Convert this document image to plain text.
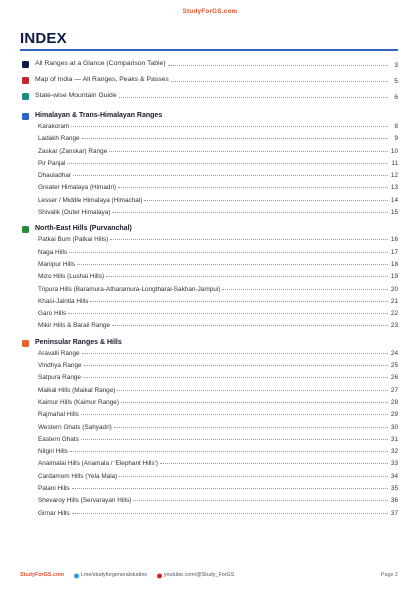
StudyForGS.com
INDEX
All Ranges at a Glance (Comparison Table)	3
Map of India — All Ranges, Peaks & Passes	5
State-wise Mountain Guide	6
Himalayan & Trans-Himalayan Ranges
Karakoram	8
Ladakh Range	9
Zaskar (Zanskar) Range	10
Pir Panjal	11
Dhauladhar	12
Greater Himalaya (Himadri)	13
Lesser / Middle Himalaya (Himachal)	14
Shivalik (Outer Himalaya)	15
North-East Hills (Purvanchal)
Patkai Bum (Patkai Hills)	16
Naga Hills	17
Manipur Hills	18
Mizo Hills (Lushai Hills)	19
Tripura Hills (Baramura-Atharamura-Longtharai-Sakhan-Jampui)	20
Khasi-Jaintia Hills	21
Garo Hills	22
Mikir Hills & Barail Range	23
Peninsular Ranges & Hills
Aravalli Range	24
Vindhya Range	25
Satpura Range	26
Maikal Hills (Maikal Range)	27
Kaimur Hills (Kaimur Range)	28
Rajmahal Hills	29
Western Ghats (Sahyadri)	30
Eastern Ghats	31
Nilgiri Hills	32
Anaimalai Hills (Anamala / 'Elephant Hills')	33
Cardamom Hills (Yela Mala)	34
Palani Hills	35
Shevaroy Hills (Servarayan Hills)	36
Girnar Hills	37
StudyForGS.com · t.me/studyforgeneralstudies · youtube.com/@Study_ForGS	Page 2
